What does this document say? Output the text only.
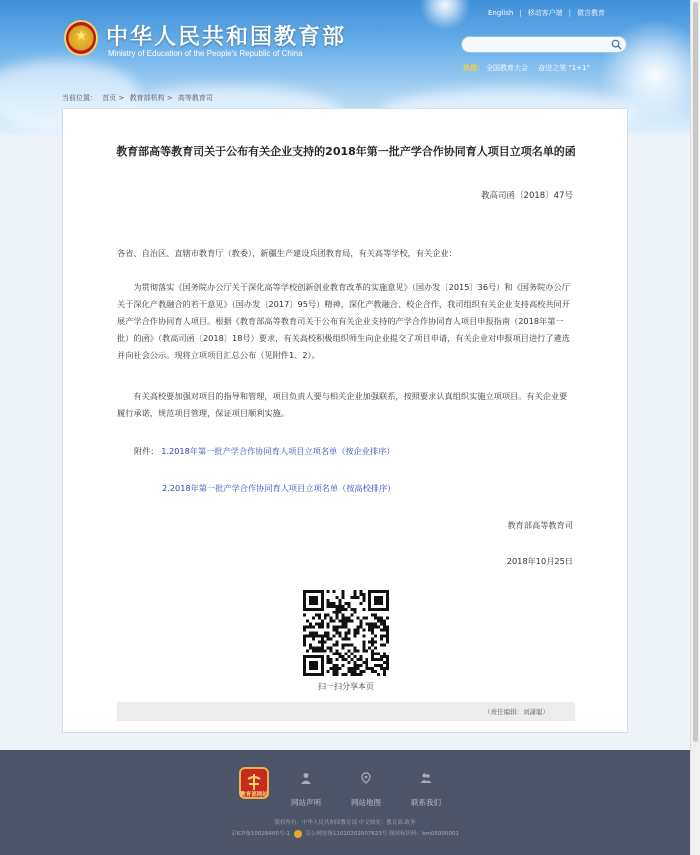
★ 中华人民共和国教育部
Ministry of Education of the People's Republic of China
English | 移动客户端 | 微言教育
热搜: 全国教育大会 奋进之笔 "1+1"
当前位置： 首页 > 教育部机构 > 高等教育司
教育部高等教育司关于公布有关企业支持的2018年第一批产学合作协同育人项目立项名单的函
教高司函〔2018〕47号
各省、自治区、直辖市教育厅（教委），新疆生产建设兵团教育局，有关高等学校，有关企业：
为贯彻落实《国务院办公厅关于深化高等学校创新创业教育改革的实施意见》（国办发〔2015〕36号）和《国务院办公厅关于深化产教融合的若干意见》（国办发〔2017〕95号）精神，深化产教融合、校企合作，我司组织有关企业支持高校共同开展产学合作协同育人项目。根据《教育部高等教育司关于公布有关企业支持的产学合作协同育人项目申报指南（2018年第一批）的函》（教高司函〔2018〕18号）要求，有关高校积极组织师生向企业提交了项目申请，有关企业对申报项目进行了遴选并向社会公示。现将立项项目汇总公布（见附件1、2）。
有关高校要加强对项目的指导和管理，项目负责人要与相关企业加强联系，按照要求认真组织实施立项项目。有关企业要履行承诺，规范项目管理，保证项目顺利实施。
附件： 1.2018年第一批产学合作协同育人项目立项名单（按企业排序）
2.2018年第一批产学合作协同育人项目立项名单（按高校排序）
教育部高等教育司
2018年10月25日
扫一扫分享本页
（责任编辑：刘潇聪）
教育部网站
网站声明	网站地图	联系我们
版权所有：中华人民共和国教育部 中文域名：教育部.政务
京ICP备10028400号-1	京公网安备11010202007623号 网站标识码：bm05000001
